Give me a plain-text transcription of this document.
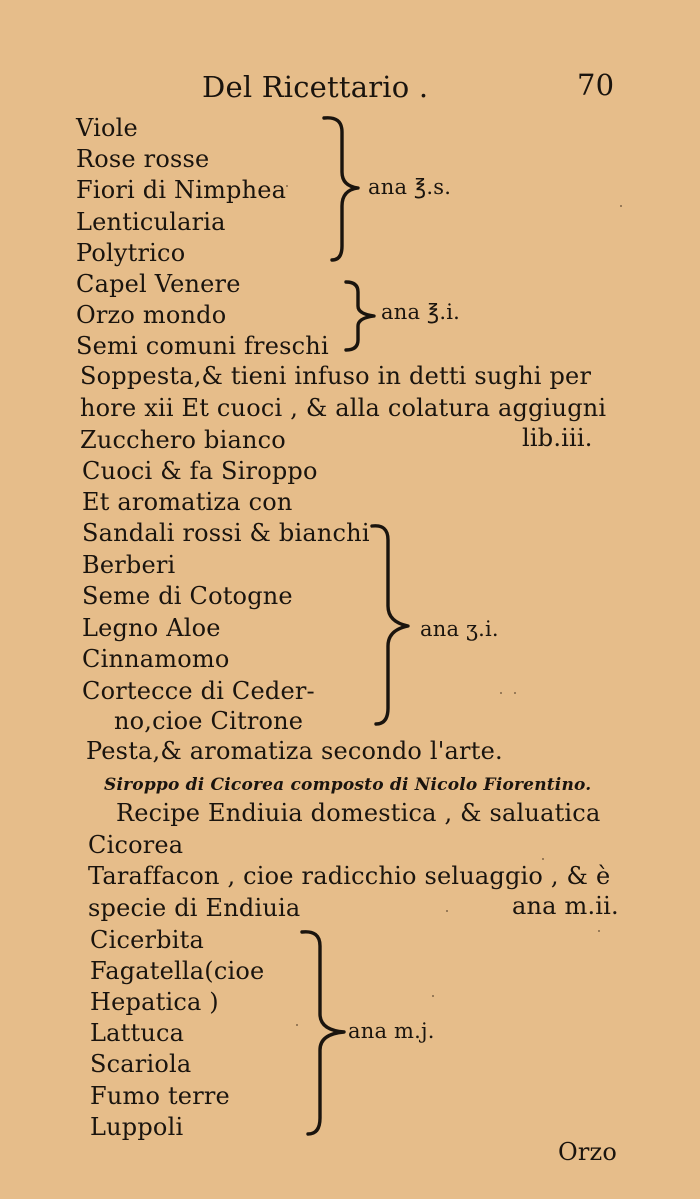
Del Ricettario .	70
Viole
Rose rosse
Fiori di Nimphea
Lenticularia
Polytrico
ana ℥.s.
Capel Venere
Orzo mondo
Semi comuni freschi
ana ℥.i.
Soppesta,& tieni infuso in detti sughi per
hore xii Et cuoci , & alla colatura aggiugni
Zucchero bianco	lib.iii.
Cuoci & fa Siroppo
Et aromatiza con
Sandali rossi & bianchi
Berberi
Seme di Cotogne
Legno Aloe
Cinnamomo
Cortecce di Ceder-
no,cioe Citrone
ana ʒ.i.
Pesta,& aromatiza secondo l'arte.
Siroppo di Cicorea composto di Nicolo Fiorentino.
Recipe Endiuia domestica , & saluatica
Cicorea
Taraffacon , cioe radicchio seluaggio , & è
specie di Endiuia	ana m.ii.
Cicerbita
Fagatella(cioe
Hepatica )
Lattuca
Scariola
Fumo terre
Luppoli
ana m.j.
Orzo
